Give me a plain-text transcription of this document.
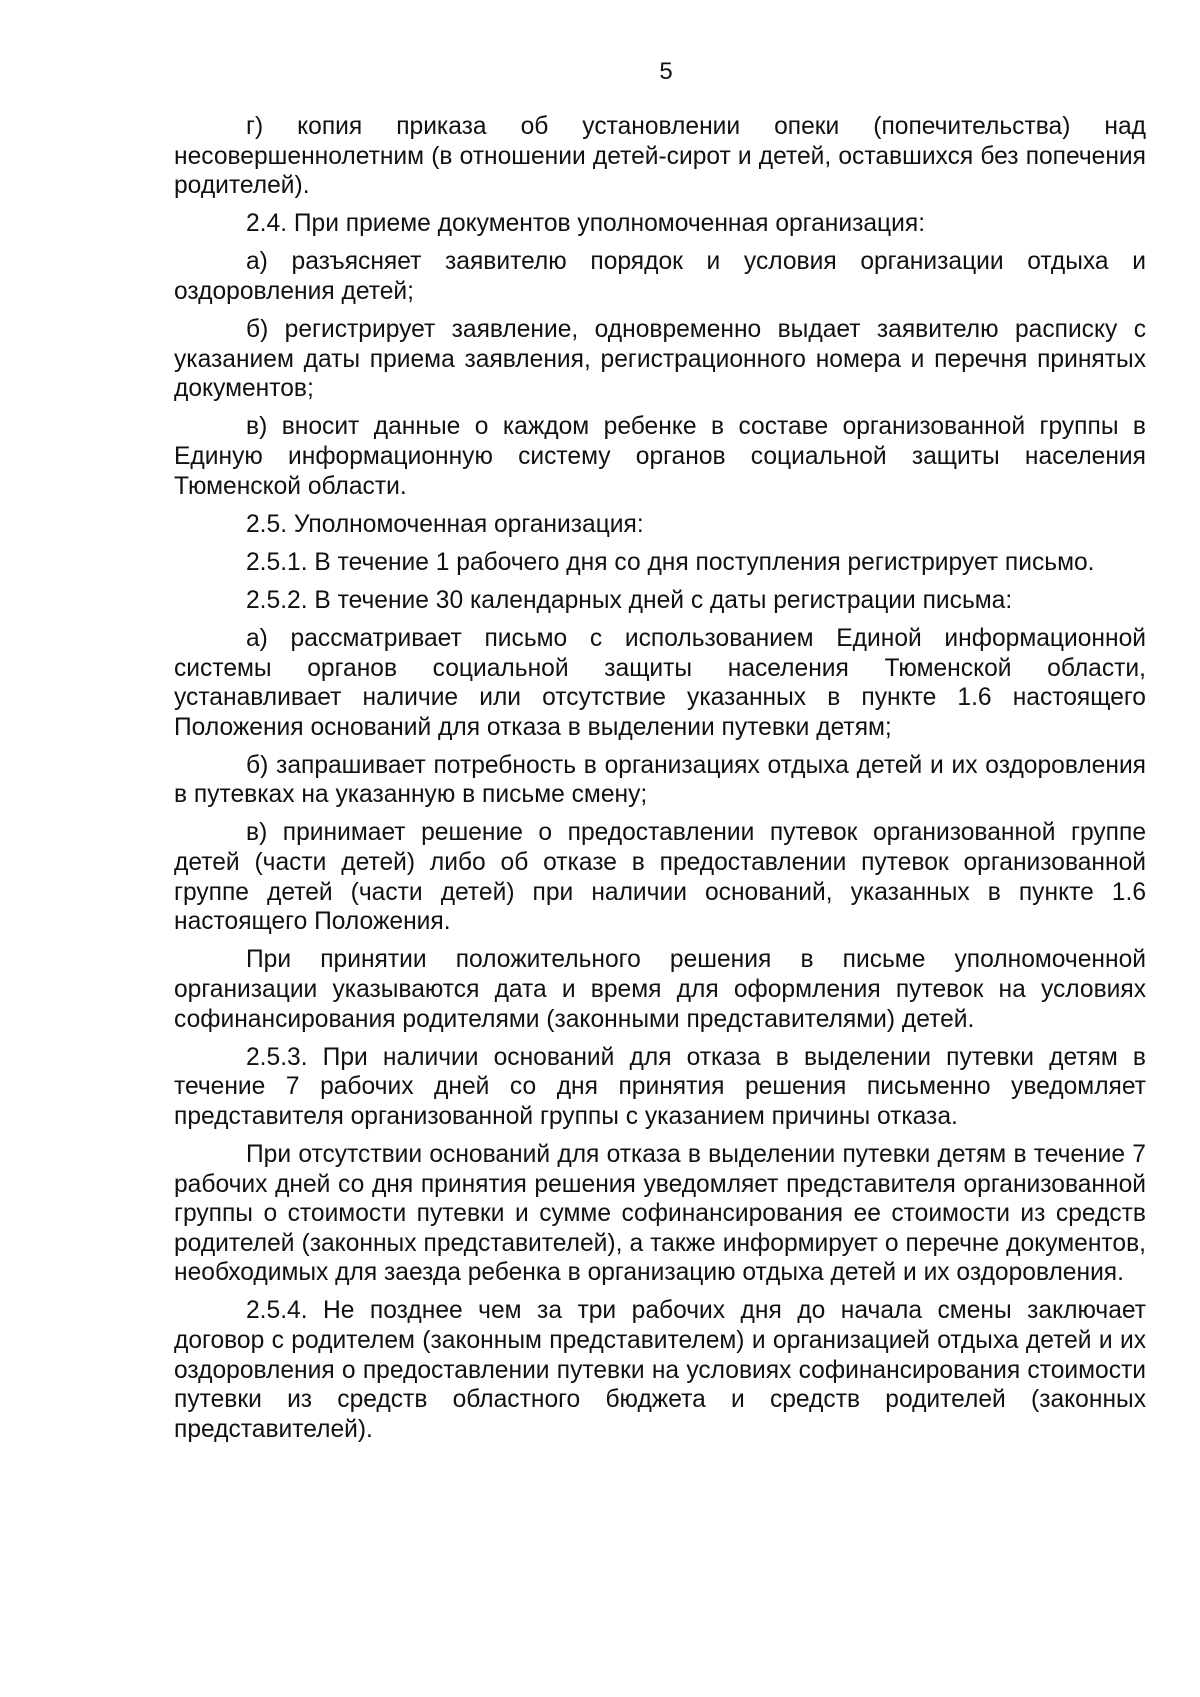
5

г) копия приказа об установлении опеки (попечительства) над несовершеннолетним (в отношении детей-сирот и детей, оставшихся без попечения родителей).

2.4. При приеме документов уполномоченная организация:

а) разъясняет заявителю порядок и условия организации отдыха и оздоровления детей;

б) регистрирует заявление, одновременно выдает заявителю расписку с указанием даты приема заявления, регистрационного номера и перечня принятых документов;

в) вносит данные о каждом ребенке в составе организованной группы в Единую информационную систему органов социальной защиты населения Тюменской области.

2.5. Уполномоченная организация:

2.5.1. В течение 1 рабочего дня со дня поступления регистрирует письмо.

2.5.2. В течение 30 календарных дней с даты регистрации письма:

а) рассматривает письмо с использованием Единой информационной системы органов социальной защиты населения Тюменской области, устанавливает наличие или отсутствие указанных в пункте 1.6 настоящего Положения оснований для отказа в выделении путевки детям;

б) запрашивает потребность в организациях отдыха детей и их оздоровления в путевках на указанную в письме смену;

в) принимает решение о предоставлении путевок организованной группе детей (части детей) либо об отказе в предоставлении путевок организованной группе детей (части детей) при наличии оснований, указанных в пункте 1.6 настоящего Положения.

При принятии положительного решения в письме уполномоченной организации указываются дата и время для оформления путевок на условиях софинансирования родителями (законными представителями) детей.

2.5.3. При наличии оснований для отказа в выделении путевки детям в течение 7 рабочих дней со дня принятия решения письменно уведомляет представителя организованной группы с указанием причины отказа.

При отсутствии оснований для отказа в выделении путевки детям в течение 7 рабочих дней со дня принятия решения уведомляет представителя организованной группы о стоимости путевки и сумме софинансирования ее стоимости из средств родителей (законных представителей), а также информирует о перечне документов, необходимых для заезда ребенка в организацию отдыха детей и их оздоровления.

2.5.4. Не позднее чем за три рабочих дня до начала смены заключает договор с родителем (законным представителем) и организацией отдыха детей и их оздоровления о предоставлении путевки на условиях софинансирования стоимости путевки из средств областного бюджета и средств родителей (законных представителей).
